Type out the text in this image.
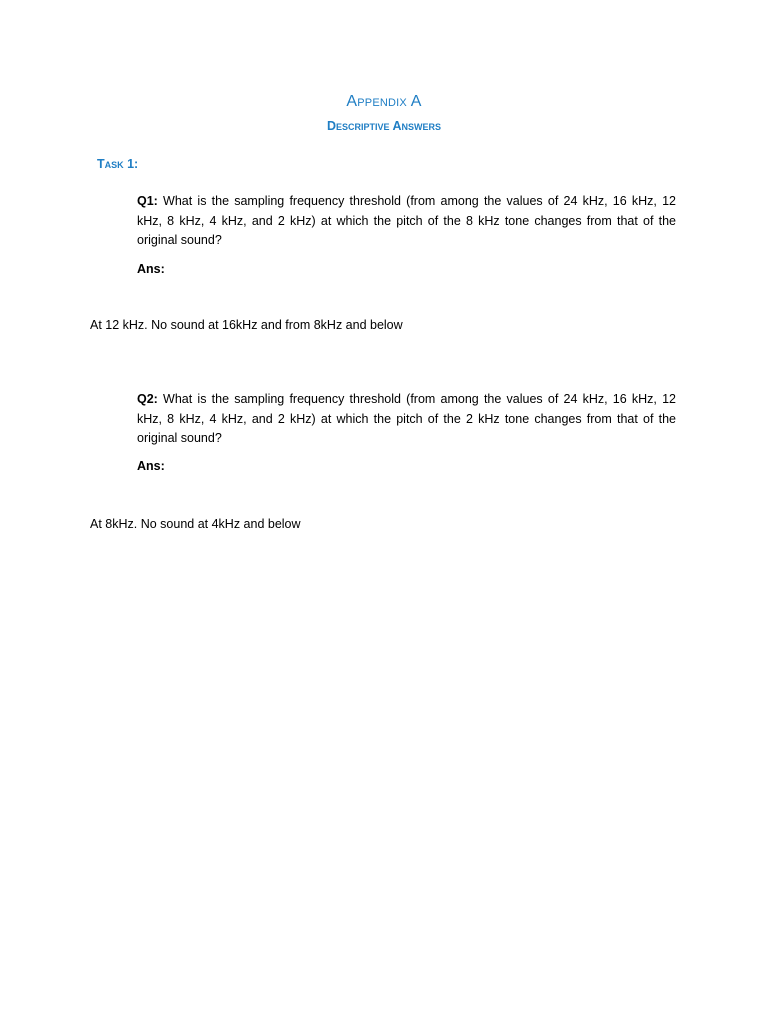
Appendix A
Descriptive Answers

Task 1:

Q1: What is the sampling frequency threshold (from among the values of 24 kHz, 16 kHz, 12 kHz, 8 kHz, 4 kHz, and 2 kHz) at which the pitch of the 8 kHz tone changes from that of the original sound?

Ans:

At 12 kHz. No sound at 16kHz and from 8kHz and below

Q2: What is the sampling frequency threshold (from among the values of 24 kHz, 16 kHz, 12 kHz, 8 kHz, 4 kHz, and 2 kHz) at which the pitch of the 2 kHz tone changes from that of the original sound?

Ans:

At 8kHz. No sound at 4kHz and below
